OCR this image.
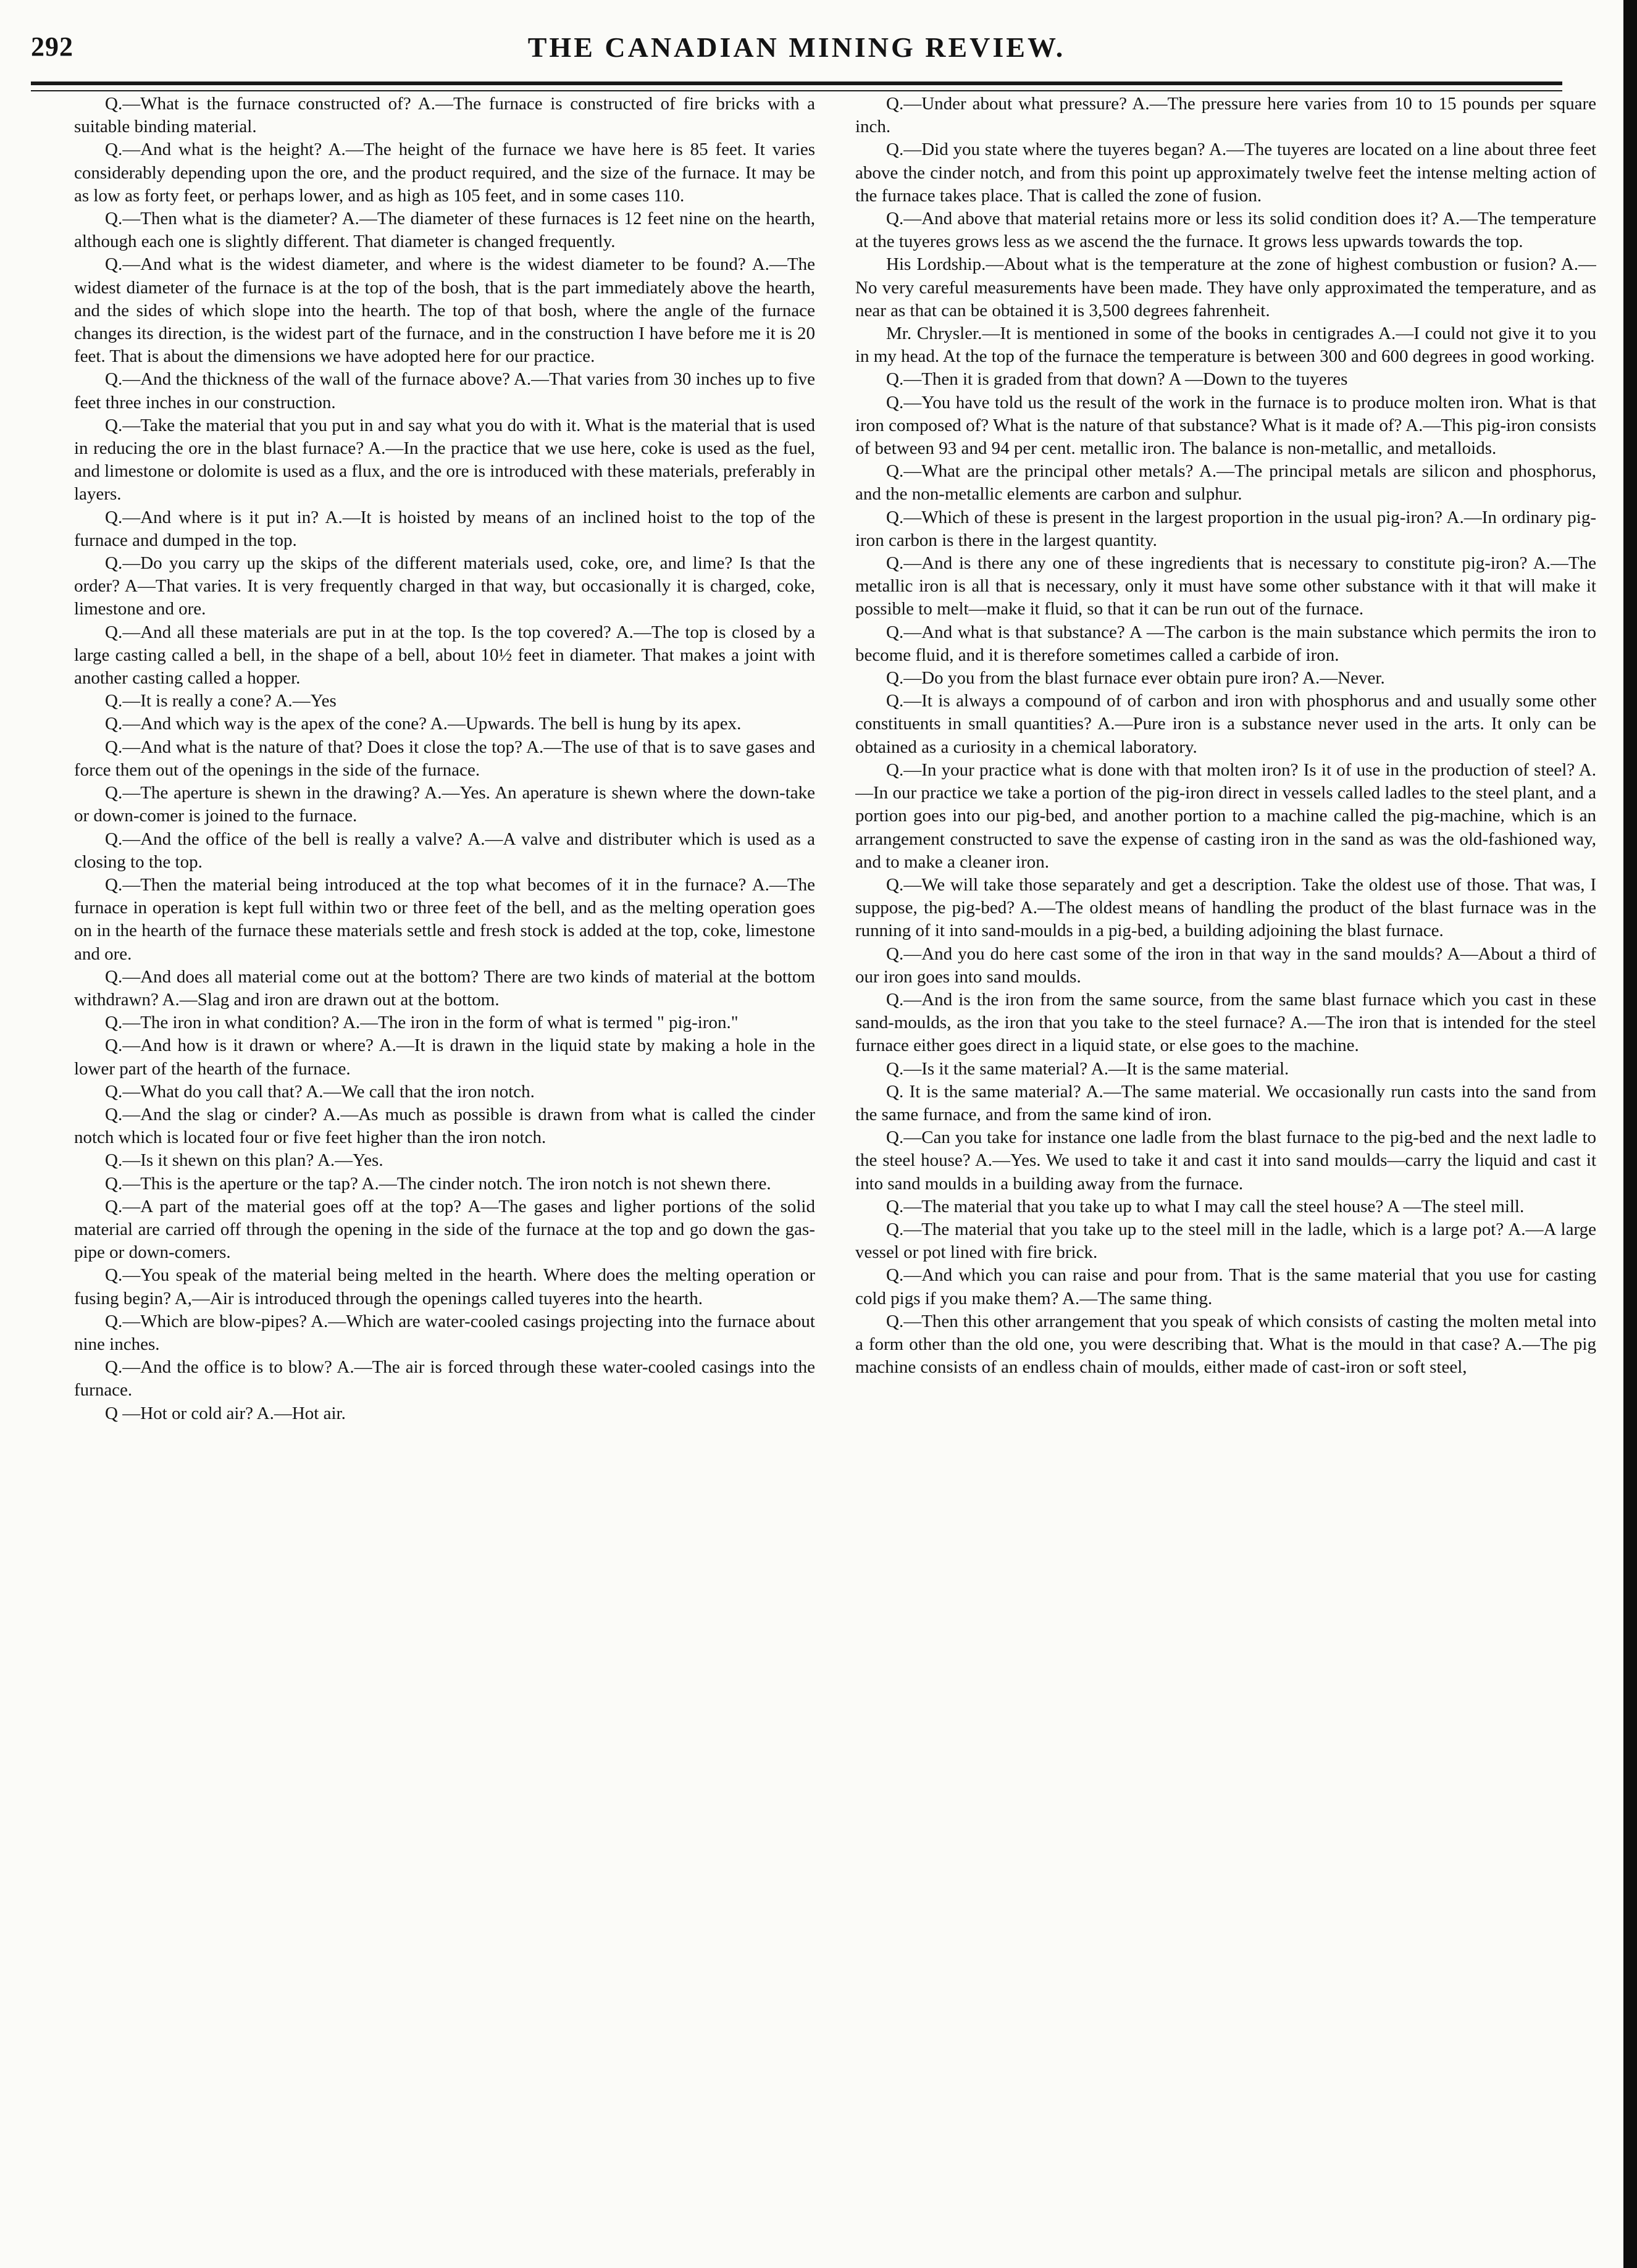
292	THE CANADIAN MINING REVIEW.

Q.—What is the furnace constructed of? A.—The furnace is constructed of fire bricks with a suitable binding material.

Q.—And what is the height? A.—The height of the furnace we have here is 85 feet. It varies considerably depending upon the ore, and the product required, and the size of the furnace. It may be as low as forty feet, or perhaps lower, and as high as 105 feet, and in some cases 110.

Q.—Then what is the diameter? A.—The diameter of these furnaces is 12 feet nine on the hearth, although each one is slightly different. That diameter is changed frequently.

Q.—And what is the widest diameter, and where is the widest diameter to be found? A.—The widest diameter of the furnace is at the top of the bosh, that is the part immediately above the hearth, and the sides of which slope into the hearth. The top of that bosh, where the angle of the furnace changes its direction, is the widest part of the furnace, and in the construction I have before me it is 20 feet. That is about the dimensions we have adopted here for our practice.

Q.—And the thickness of the wall of the furnace above? A.—That varies from 30 inches up to five feet three inches in our construction.

Q.—Take the material that you put in and say what you do with it. What is the material that is used in reducing the ore in the blast furnace? A.—In the practice that we use here, coke is used as the fuel, and limestone or dolomite is used as a flux, and the ore is introduced with these materials, preferably in layers.

Q.—And where is it put in? A.—It is hoisted by means of an inclined hoist to the top of the furnace and dumped in the top.

Q.—Do you carry up the skips of the different materials used, coke, ore, and lime? Is that the order? A—That varies. It is very frequently charged in that way, but occasionally it is charged, coke, limestone and ore.

Q.—And all these materials are put in at the top. Is the top covered? A.—The top is closed by a large casting called a bell, in the shape of a bell, about 10½ feet in diameter. That makes a joint with another casting called a hopper.

Q.—It is really a cone? A.—Yes

Q.—And which way is the apex of the cone? A.—Upwards. The bell is hung by its apex.

Q.—And what is the nature of that? Does it close the top? A.—The use of that is to save gases and force them out of the openings in the side of the furnace.

Q.—The aperture is shewn in the drawing? A.—Yes. An aperature is shewn where the down-take or down-comer is joined to the furnace.

Q.—And the office of the bell is really a valve? A.—A valve and distributer which is used as a closing to the top.

Q.—Then the material being introduced at the top what becomes of it in the furnace? A.—The furnace in operation is kept full within two or three feet of the bell, and as the melting operation goes on in the hearth of the furnace these materials settle and fresh stock is added at the top, coke, limestone and ore.

Q.—And does all material come out at the bottom? There are two kinds of material at the bottom withdrawn? A.—Slag and iron are drawn out at the bottom.

Q.—The iron in what condition? A.—The iron in the form of what is termed " pig-iron."

Q.—And how is it drawn or where? A.—It is drawn in the liquid state by making a hole in the lower part of the hearth of the furnace.

Q.—What do you call that? A.—We call that the iron notch.

Q.—And the slag or cinder? A.—As much as possible is drawn from what is called the cinder notch which is located four or five feet higher than the iron notch.

Q.—Is it shewn on this plan? A.—Yes.

Q.—This is the aperture or the tap? A.—The cinder notch. The iron notch is not shewn there.

Q.—A part of the material goes off at the top? A—The gases and ligher portions of the solid material are carried off through the opening in the side of the furnace at the top and go down the gas-pipe or down-comers.

Q.—You speak of the material being melted in the hearth. Where does the melting operation or fusing begin? A,—Air is introduced through the openings called tuyeres into the hearth.

Q.—Which are blow-pipes? A.—Which are water-cooled casings projecting into the furnace about nine inches.

Q.—And the office is to blow? A.—The air is forced through these water-cooled casings into the furnace.

Q —Hot or cold air? A.—Hot air.

Q.—Under about what pressure? A.—The pressure here varies from 10 to 15 pounds per square inch.

Q.—Did you state where the tuyeres began? A.—The tuyeres are located on a line about three feet above the cinder notch, and from this point up approximately twelve feet the intense melting action of the furnace takes place. That is called the zone of fusion.

Q.—And above that material retains more or less its solid condition does it? A.—The temperature at the tuyeres grows less as we ascend the the furnace. It grows less upwards towards the top.

His Lordship.—About what is the temperature at the zone of highest combustion or fusion? A.—No very careful measurements have been made. They have only approximated the temperature, and as near as that can be obtained it is 3,500 degrees fahrenheit.

Mr. Chrysler.—It is mentioned in some of the books in centigrades A.—I could not give it to you in my head. At the top of the furnace the temperature is between 300 and 600 degrees in good working.

Q.—Then it is graded from that down? A —Down to the tuyeres

Q.—You have told us the result of the work in the furnace is to produce molten iron. What is that iron composed of? What is the nature of that substance? What is it made of? A.—This pig-iron consists of between 93 and 94 per cent. metallic iron. The balance is non-metallic, and metalloids.

Q.—What are the principal other metals? A.—The principal metals are silicon and phosphorus, and the non-metallic elements are carbon and sulphur.

Q.—Which of these is present in the largest proportion in the usual pig-iron? A.—In ordinary pig-iron carbon is there in the largest quantity.

Q.—And is there any one of these ingredients that is necessary to constitute pig-iron? A.—The metallic iron is all that is necessary, only it must have some other substance with it that will make it possible to melt—make it fluid, so that it can be run out of the furnace.

Q.—And what is that substance? A —The carbon is the main substance which permits the iron to become fluid, and it is therefore sometimes called a carbide of iron.

Q.—Do you from the blast furnace ever obtain pure iron? A.—Never.

Q.—It is always a compound of of carbon and iron with phosphorus and and usually some other constituents in small quantities? A.—Pure iron is a substance never used in the arts. It only can be obtained as a curiosity in a chemical laboratory.

Q.—In your practice what is done with that molten iron? Is it of use in the production of steel? A.—In our practice we take a portion of the pig-iron direct in vessels called ladles to the steel plant, and a portion goes into our pig-bed, and another portion to a machine called the pig-machine, which is an arrangement constructed to save the expense of casting iron in the sand as was the old-fashioned way, and to make a cleaner iron.

Q.—We will take those separately and get a description. Take the oldest use of those. That was, I suppose, the pig-bed? A.—The oldest means of handling the product of the blast furnace was in the running of it into sand-moulds in a pig-bed, a building adjoining the blast furnace.

Q.—And you do here cast some of the iron in that way in the sand moulds? A—About a third of our iron goes into sand moulds.

Q.—And is the iron from the same source, from the same blast furnace which you cast in these sand-moulds, as the iron that you take to the steel furnace? A.—The iron that is intended for the steel furnace either goes direct in a liquid state, or else goes to the machine.

Q.—Is it the same material? A.—It is the same material.

Q. It is the same material? A.—The same material. We occasionally run casts into the sand from the same furnace, and from the same kind of iron.

Q.—Can you take for instance one ladle from the blast furnace to the pig-bed and the next ladle to the steel house? A.—Yes. We used to take it and cast it into sand moulds—carry the liquid and cast it into sand moulds in a building away from the furnace.

Q.—The material that you take up to what I may call the steel house? A —The steel mill.

Q.—The material that you take up to the steel mill in the ladle, which is a large pot? A.—A large vessel or pot lined with fire brick.

Q.—And which you can raise and pour from. That is the same material that you use for casting cold pigs if you make them? A.—The same thing.

Q.—Then this other arrangement that you speak of which consists of casting the molten metal into a form other than the old one, you were describing that. What is the mould in that case? A.—The pig machine consists of an endless chain of moulds, either made of cast-iron or soft steel,
